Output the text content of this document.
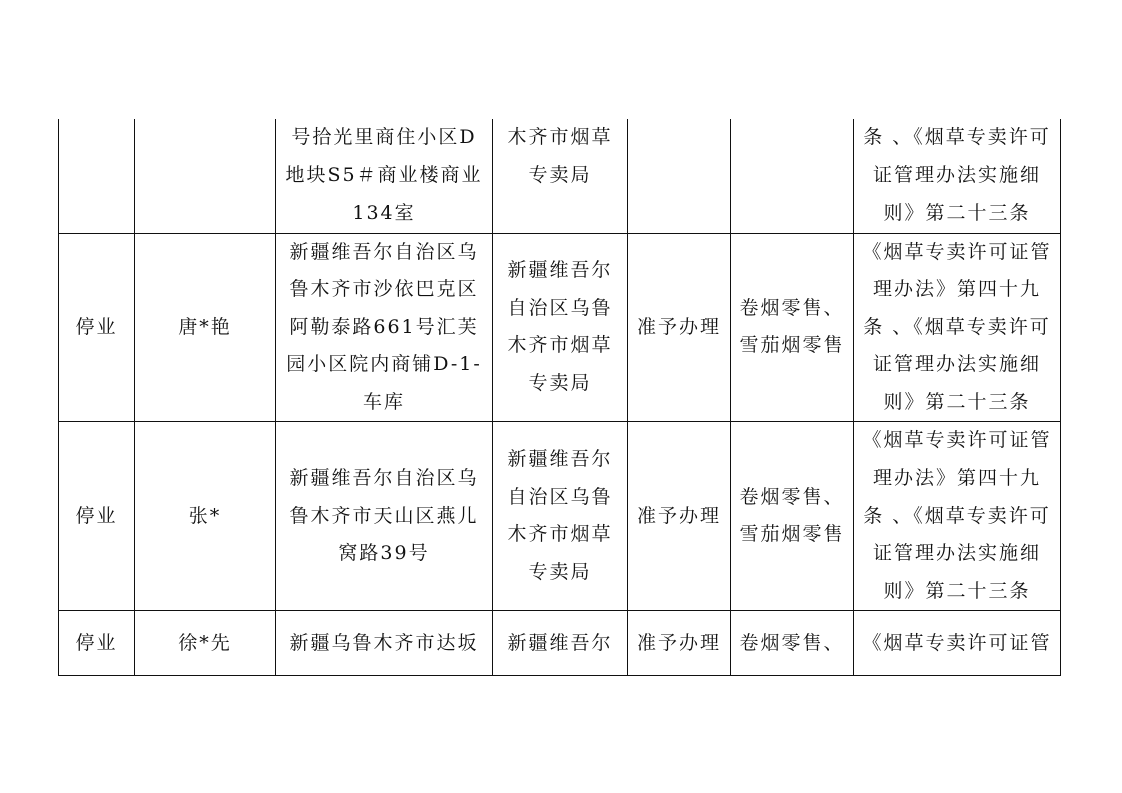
		号拾光里商住小区D
地块S5＃商业楼商业
134室	木齐市烟草
专卖局			条 、《烟草专卖许可
证管理办法实施细
则》第二十三条
停业	唐*艳	新疆维吾尔自治区乌
鲁木齐市沙依巴克区
阿勒泰路661号汇芙
园小区院内商铺D-1-
车库	新疆维吾尔
自治区乌鲁
木齐市烟草
专卖局	准予办理	卷烟零售、
雪茄烟零售	《烟草专卖许可证管
理办法》第四十九
条 、《烟草专卖许可
证管理办法实施细
则》第二十三条
停业	张*	新疆维吾尔自治区乌
鲁木齐市天山区燕儿
窝路39号	新疆维吾尔
自治区乌鲁
木齐市烟草
专卖局	准予办理	卷烟零售、
雪茄烟零售	《烟草专卖许可证管
理办法》第四十九
条 、《烟草专卖许可
证管理办法实施细
则》第二十三条
停业	徐*先	新疆乌鲁木齐市达坂	新疆维吾尔	准予办理	卷烟零售、	《烟草专卖许可证管
